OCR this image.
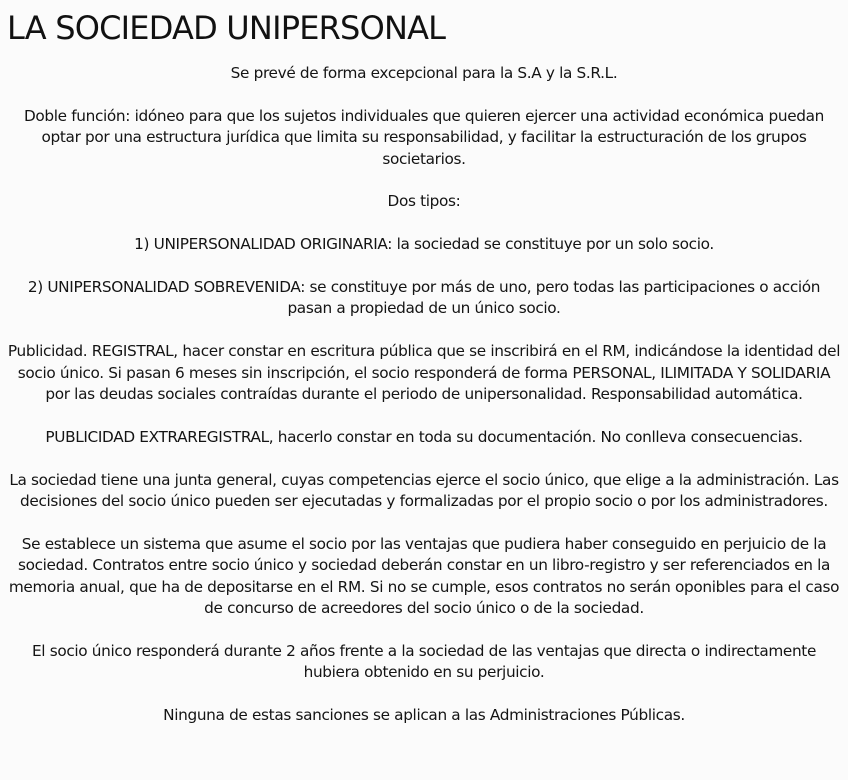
LA SOCIEDAD UNIPERSONAL

Se prevé de forma excepcional para la S.A y la S.R.L.

Doble función: idóneo para que los sujetos individuales que quieren ejercer una actividad económica puedan optar por una estructura jurídica que limita su responsabilidad, y facilitar la estructuración de los grupos societarios.

Dos tipos:

1) UNIPERSONALIDAD ORIGINARIA: la sociedad se constituye por un solo socio.

2) UNIPERSONALIDAD SOBREVENIDA: se constituye por más de uno, pero todas las participaciones o acción pasan a propiedad de un único socio.

Publicidad. REGISTRAL, hacer constar en escritura pública que se inscribirá en el RM, indicándose la identidad del socio único. Si pasan 6 meses sin inscripción, el socio responderá de forma PERSONAL, ILIMITADA Y SOLIDARIA por las deudas sociales contraídas durante el periodo de unipersonalidad. Responsabilidad automática.

PUBLICIDAD EXTRAREGISTRAL, hacerlo constar en toda su documentación. No conlleva consecuencias.

La sociedad tiene una junta general, cuyas competencias ejerce el socio único, que elige a la administración. Las decisiones del socio único pueden ser ejecutadas y formalizadas por el propio socio o por los administradores.

Se establece un sistema que asume el socio por las ventajas que pudiera haber conseguido en perjuicio de la sociedad. Contratos entre socio único y sociedad deberán constar en un libro-registro y ser referenciados en la memoria anual, que ha de depositarse en el RM. Si no se cumple, esos contratos no serán oponibles para el caso de concurso de acreedores del socio único o de la sociedad.

El socio único responderá durante 2 años frente a la sociedad de las ventajas que directa o indirectamente hubiera obtenido en su perjuicio.

Ninguna de estas sanciones se aplican a las Administraciones Públicas.
